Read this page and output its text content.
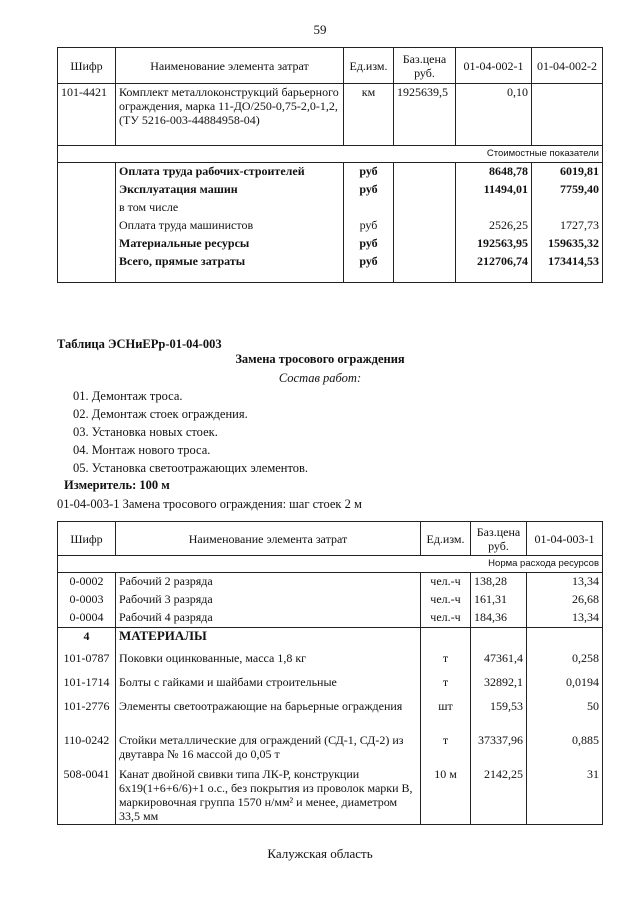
59
Шифр	Наименование элемента затрат	Ед.изм.	Баз.цена руб.	01-04-002-1	01-04-002-2
101-4421	Комплект металлоконструкций барьерного ограждения, марка 11-ДО/250-0,75-2,0-1,2, (ТУ 5216-003-44884958-04)	км	1925639,5	0,10	
Стоимостные показатели					
	Оплата труда рабочих-строителей	руб		8648,78	6019,81
	Эксплуатация машин	руб		11494,01	7759,40
	в том числе				
	Оплата труда машинистов	руб		2526,25	1727,73
	Материальные ресурсы	руб		192563,95	159635,32
	Всего, прямые затраты	руб		212706,74	173414,53
Таблица ЭСНиЕРр-01-04-003
Замена тросового ограждения
Состав работ:
01. Демонтаж троса.
02. Демонтаж стоек ограждения.
03. Установка новых стоек.
04. Монтаж нового троса.
05. Установка светоотражающих элементов.
Измеритель: 100 м
01-04-003-1 Замена тросового ограждения: шаг стоек 2 м
Шифр	Наименование элемента затрат	Ед.изм.	Баз.цена руб.	01-04-003-1
Норма расхода ресурсов				
0-0002	Рабочий 2 разряда	чел.-ч	138,28	13,34
0-0003	Рабочий 3 разряда	чел.-ч	161,31	26,68
0-0004	Рабочий 4 разряда	чел.-ч	184,36	13,34
4	МАТЕРИАЛЫ			
101-0787	Поковки оцинкованные, масса 1,8 кг	т	47361,4	0,258
101-1714	Болты с гайками и шайбами строительные	т	32892,1	0,0194
101-2776	Элементы светоотражающие на барьерные ограждения	шт	159,53	50
110-0242	Стойки металлические для ограждений (СД-1, СД-2) из двутавра № 16 массой до 0,05 т	т	37337,96	0,885
508-0041	Канат двойной свивки типа ЛК-Р, конструкции 6х19(1+6+6/6)+1 о.с., без покрытия из проволок марки В, маркировочная группа 1570 н/мм² и менее, диаметром 33,5 мм	10 м	2142,25	31
Калужская область
